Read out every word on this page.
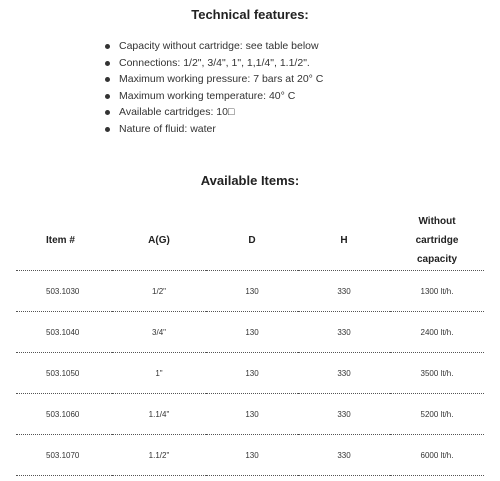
Technical features:
Capacity without cartridge: see table below
Connections: 1/2", 3/4", 1", 1,1/4", 1.1/2".
Maximum working pressure: 7 bars at 20° C
Maximum working temperature: 40° C
Available cartridges: 10□
Nature of fluid: water
Available Items:
Item #	A(G)	D	H	Without
cartridge
capacity

503.1030	1/2"	130	330	1300 lt/h.
503.1040	3/4"	130	330	2400 lt/h.
503.1050	1"	130	330	3500 lt/h.
503.1060	1.1/4"	130	330	5200 lt/h.
503.1070	1.1/2"	130	330	6000 lt/h.
